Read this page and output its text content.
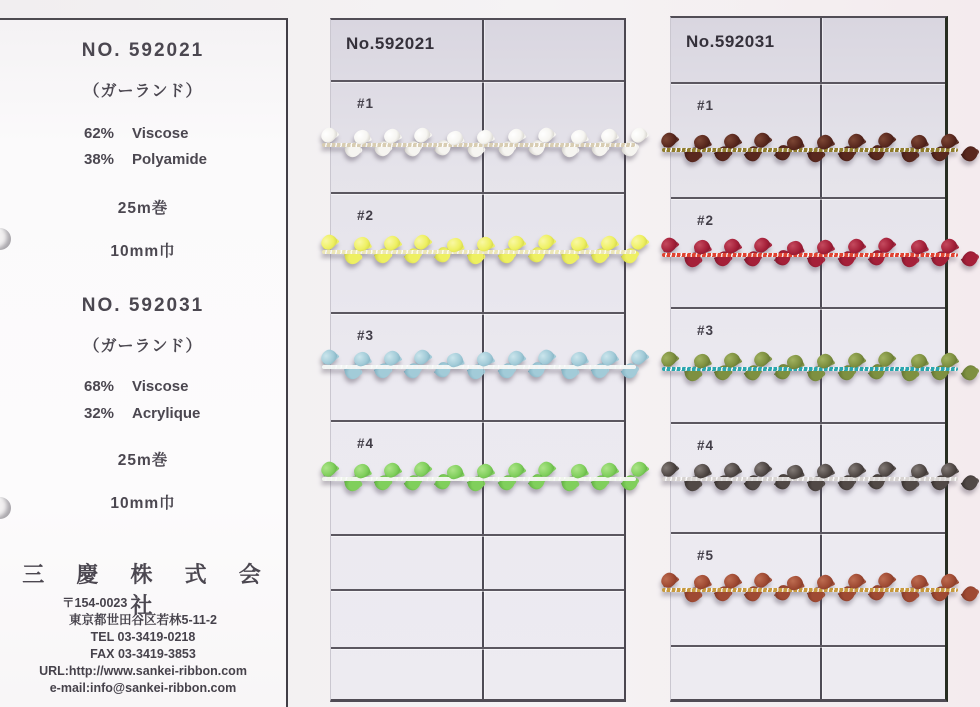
NO. 592021
（ガーランド）
62% Viscose
38% Polyamide
25m巻
10mm巾
NO. 592031
（ガーランド）
68% Viscose
32% Acrylique
25m巻
10mm巾
三 慶 株 式 会 社
〒154-0023
東京都世田谷区若林5-11-2
TEL 03-3419-0218
FAX 03-3419-3853
URL:http://www.sankei-ribbon.com
e-mail:info@sankei-ribbon.com
No.592021
#1
#2
#3
#4
No.592031
#1
#2
#3
#4
#5
